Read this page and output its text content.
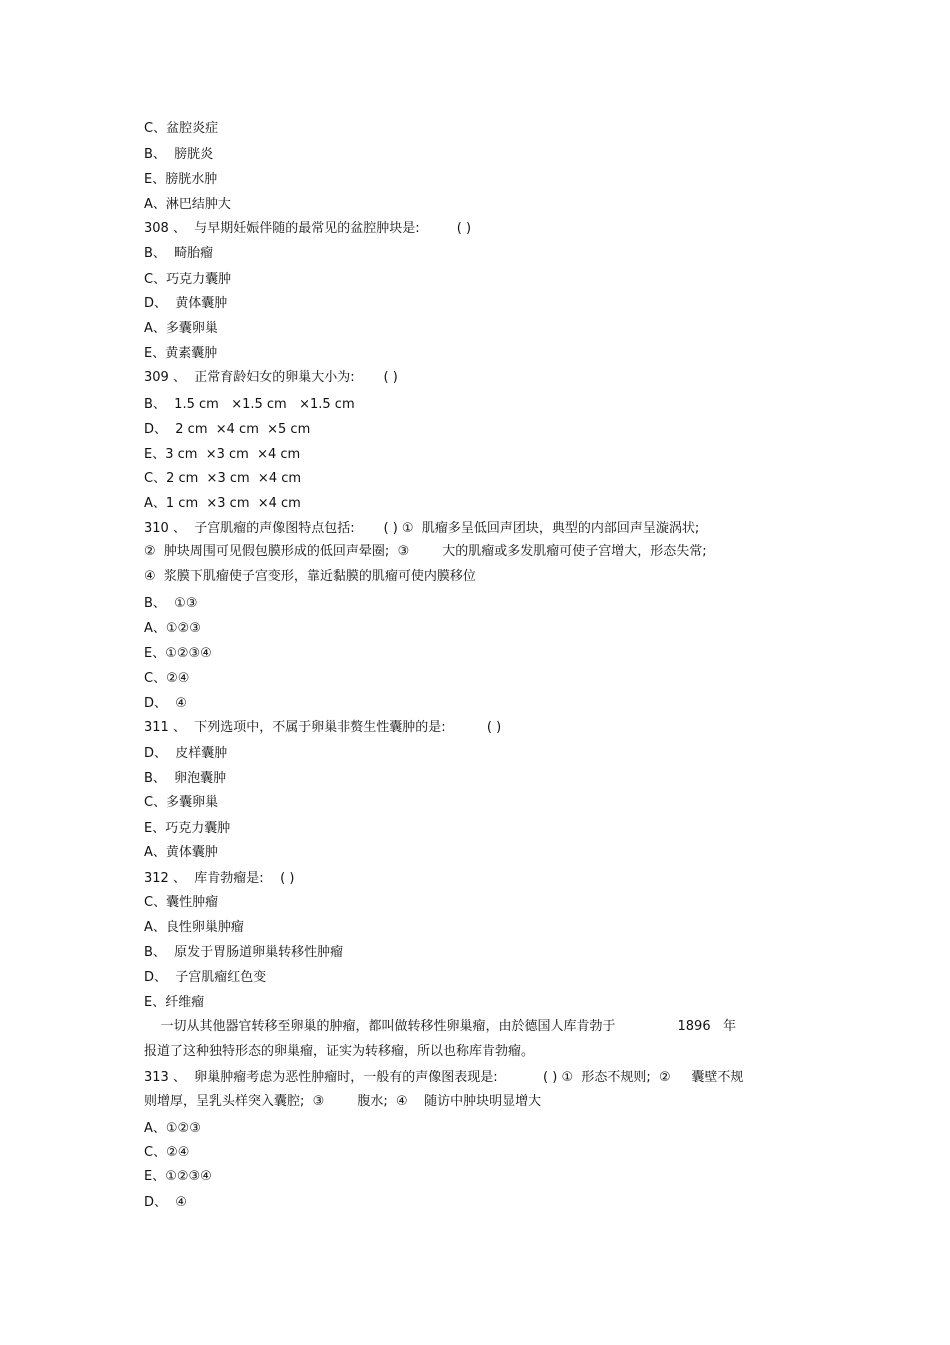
C、盆腔炎症
B、  膀胱炎
E、膀胱水肿
A、淋巴结肿大
308 、  与早期妊娠伴随的最常见的盆腔肿块是:         ( )
B、  畸胎瘤
C、巧克力囊肿
D、  黄体囊肿
A、多囊卵巢
E、黄素囊肿
309 、  正常育龄妇女的卵巢大小为:       ( )
B、  1.5 cm   ×1.5 cm   ×1.5 cm
D、  2 cm  ×4 cm  ×5 cm
E、3 cm  ×3 cm  ×4 cm
C、2 cm  ×3 cm  ×4 cm
A、1 cm  ×3 cm  ×4 cm
310 、  子宫肌瘤的声像图特点包括:       ( ) ①  肌瘤多呈低回声团块，典型的内部回声呈漩涡状;
②  肿块周围可见假包膜形成的低回声晕圈;  ③        大的肌瘤或多发肌瘤可使子宫增大，形态失常;
④  浆膜下肌瘤使子宫变形，靠近黏膜的肌瘤可使内膜移位
B、  ①③
A、①②③
E、①②③④
C、②④
D、  ④
311 、  下列选项中，不属于卵巢非赘生性囊肿的是:          ( )
D、  皮样囊肿
B、  卵泡囊肿
C、多囊卵巢
E、巧克力囊肿
A、黄体囊肿
312 、  库肯勃瘤是:    ( )
C、囊性肿瘤
A、良性卵巢肿瘤
B、  原发于胃肠道卵巢转移性肿瘤
D、  子宫肌瘤红色变
E、纤维瘤
一切从其他器官转移至卵巢的肿瘤，都叫做转移性卵巢瘤，由於德国人库肯勃于               1896   年
报道了这种独特形态的卵巢瘤，证实为转移瘤，所以也称库肯勃瘤。
313 、  卵巢肿瘤考虑为恶性肿瘤时，一般有的声像图表现是:           ( ) ①  形态不规则;  ②     囊壁不规
则增厚，呈乳头样突入囊腔;  ③        腹水;  ④    随访中肿块明显增大
A、①②③
C、②④
E、①②③④
D、  ④
